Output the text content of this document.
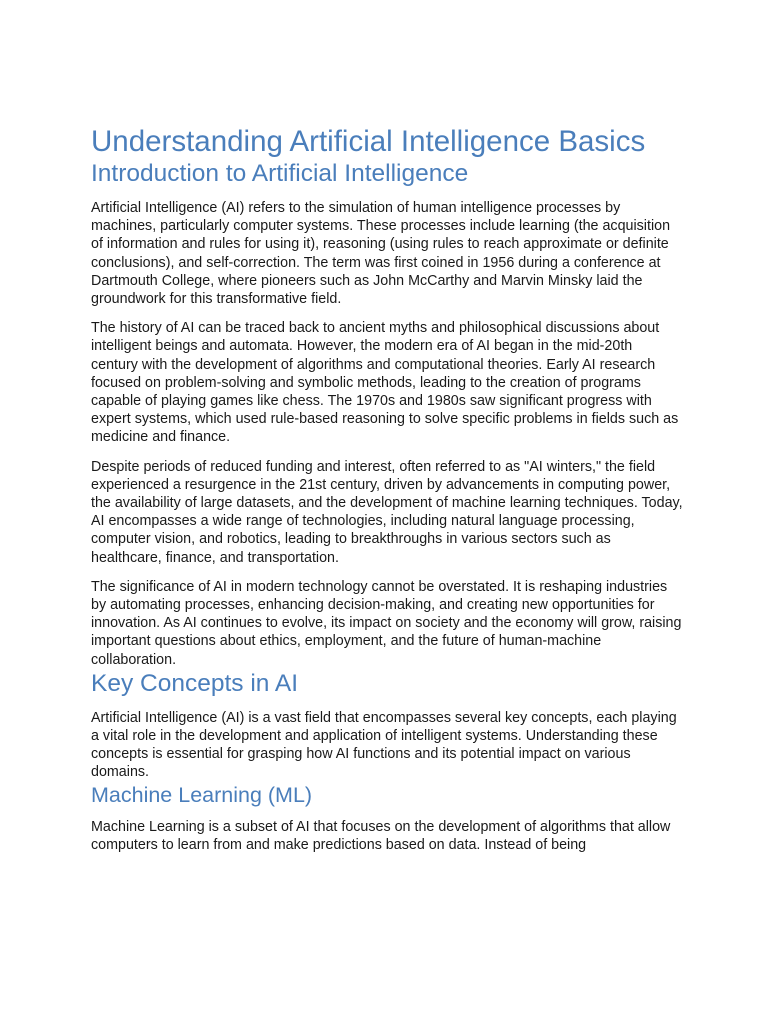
Understanding Artificial Intelligence Basics
Introduction to Artificial Intelligence

Artificial Intelligence (AI) refers to the simulation of human intelligence processes by machines, particularly computer systems. These processes include learning (the acquisition of information and rules for using it), reasoning (using rules to reach approximate or definite conclusions), and self-correction. The term was first coined in 1956 during a conference at Dartmouth College, where pioneers such as John McCarthy and Marvin Minsky laid the groundwork for this transformative field.

The history of AI can be traced back to ancient myths and philosophical discussions about intelligent beings and automata. However, the modern era of AI began in the mid-20th century with the development of algorithms and computational theories. Early AI research focused on problem-solving and symbolic methods, leading to the creation of programs capable of playing games like chess. The 1970s and 1980s saw significant progress with expert systems, which used rule-based reasoning to solve specific problems in fields such as medicine and finance.

Despite periods of reduced funding and interest, often referred to as "AI winters," the field experienced a resurgence in the 21st century, driven by advancements in computing power, the availability of large datasets, and the development of machine learning techniques. Today, AI encompasses a wide range of technologies, including natural language processing, computer vision, and robotics, leading to breakthroughs in various sectors such as healthcare, finance, and transportation.

The significance of AI in modern technology cannot be overstated. It is reshaping industries by automating processes, enhancing decision-making, and creating new opportunities for innovation. As AI continues to evolve, its impact on society and the economy will grow, raising important questions about ethics, employment, and the future of human-machine collaboration.

Key Concepts in AI

Artificial Intelligence (AI) is a vast field that encompasses several key concepts, each playing a vital role in the development and application of intelligent systems. Understanding these concepts is essential for grasping how AI functions and its potential impact on various domains.

Machine Learning (ML)

Machine Learning is a subset of AI that focuses on the development of algorithms that allow computers to learn from and make predictions based on data. Instead of being
